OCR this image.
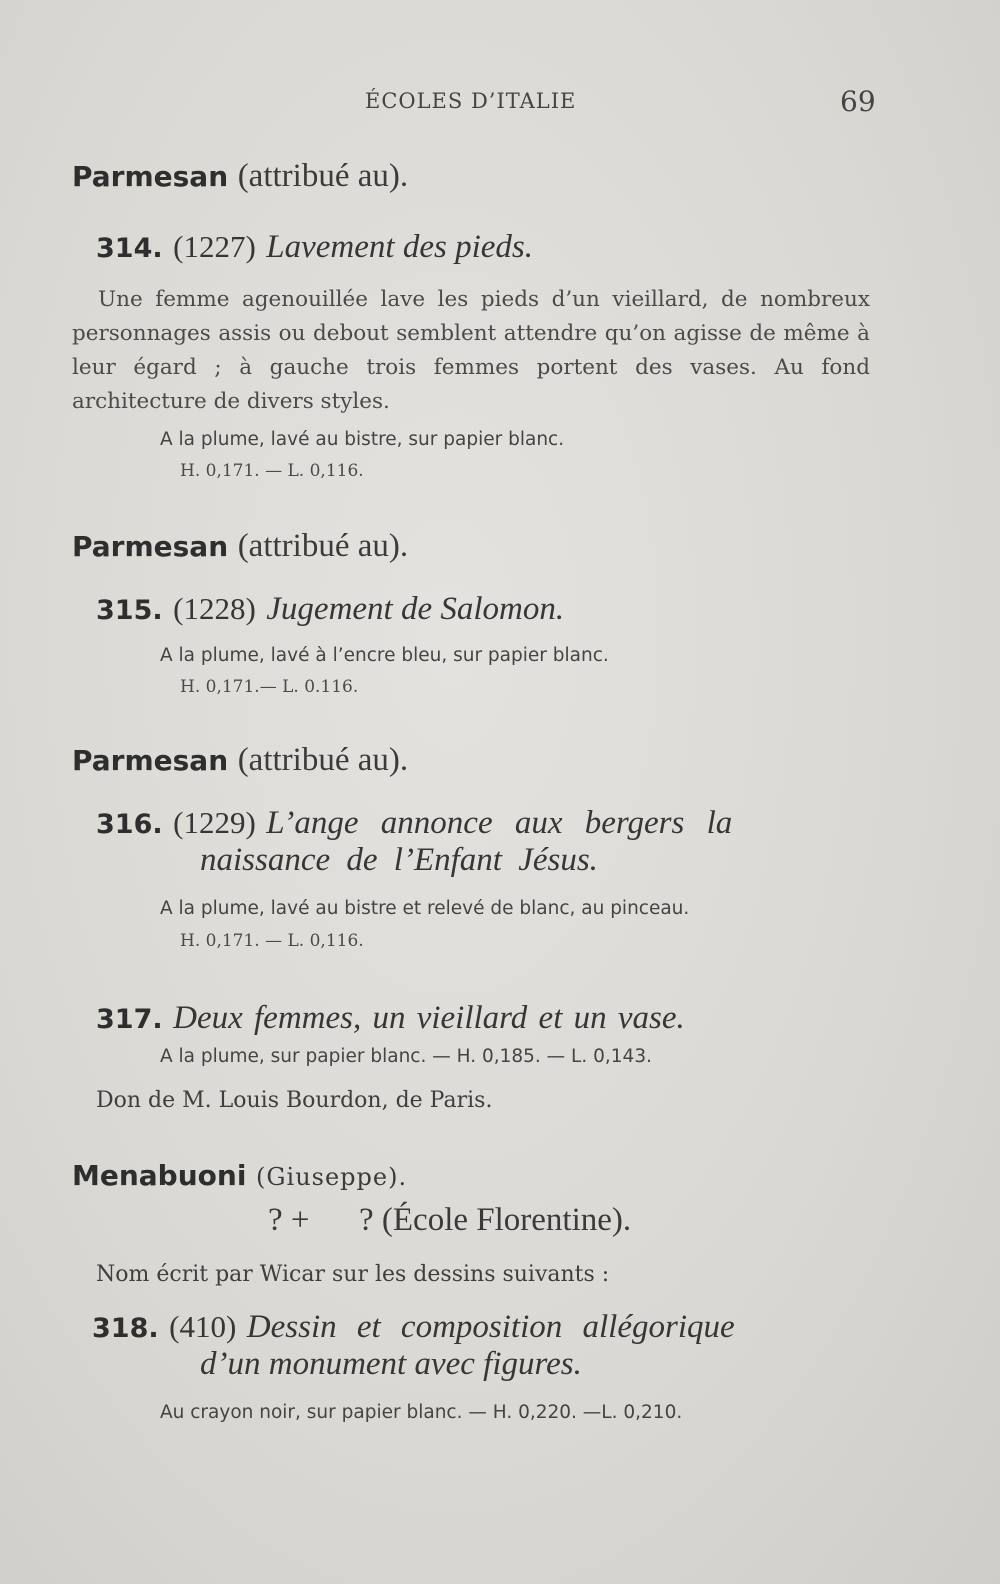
ÉCOLES D’ITALIE	69
Parmesan (attribué au).
314. (1227) Lavement des pieds.
Une femme agenouillée lave les pieds d’un vieillard, de nombreux personnages assis ou debout semblent attendre qu’on agisse de même à leur égard ; à gauche trois femmes portent des vases. Au fond architecture de divers styles.
A la plume, lavé au bistre, sur papier blanc.
H. 0,171. — L. 0,116.
Parmesan (attribué au).
315. (1228) Jugement de Salomon.
A la plume, lavé à l’encre bleu, sur papier blanc.
H. 0,171.— L. 0.116.
Parmesan (attribué au).
316. (1229) L’ange annonce aux bergers la
naissance de l’Enfant Jésus.
A la plume, lavé au bistre et relevé de blanc, au pinceau.
H. 0,171. — L. 0,116.
317. Deux femmes, un vieillard et un vase.
A la plume, sur papier blanc. — H. 0,185. — L. 0,143.
Don de M. Louis Bourdon, de Paris.
Menabuoni (Giuseppe).
? +      ? (École Florentine).
Nom écrit par Wicar sur les dessins suivants :
318. (410) Dessin et composition allégorique
d’un monument avec figures.
Au crayon noir, sur papier blanc. — H. 0,220. —L. 0,210.
